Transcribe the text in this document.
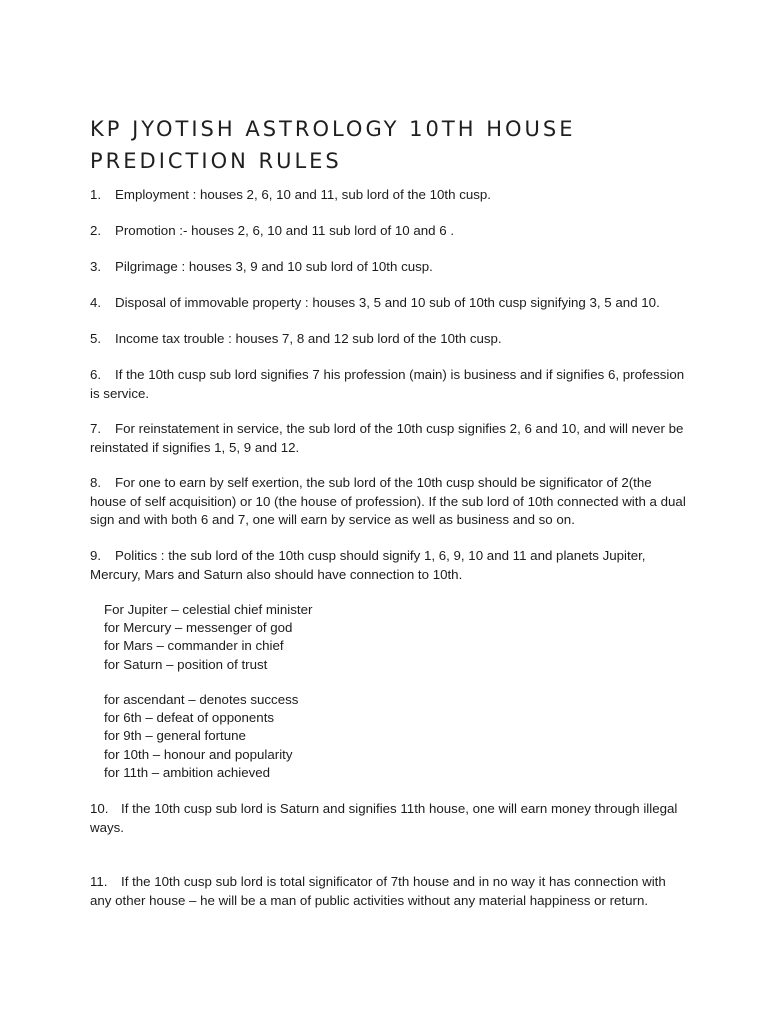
KP JYOTISH ASTROLOGY 10TH HOUSE PREDICTION RULES

1. Employment : houses 2, 6, 10 and 11, sub lord of the 10th cusp.

2. Promotion :- houses 2, 6, 10 and 11 sub lord of 10 and 6 .

3. Pilgrimage : houses 3, 9 and 10 sub lord of 10th cusp.

4. Disposal of immovable property : houses 3, 5 and 10 sub of 10th cusp signifying 3, 5 and 10.

5. Income tax trouble : houses 7, 8 and 12 sub lord of the 10th cusp.

6. If the 10th cusp sub lord signifies 7 his profession (main) is business and if signifies 6, profession is service.

7. For reinstatement in service, the sub lord of the 10th cusp signifies 2, 6 and 10, and will never be reinstated if signifies 1, 5, 9 and 12.

8. For one to earn by self exertion, the sub lord of the 10th cusp should be significator of 2(the house of self acquisition) or 10 (the house of profession). If the sub lord of 10th connected with a dual sign and with both 6 and 7, one will earn by service as well as business and so on.

9. Politics : the sub lord of the 10th cusp should signify 1, 6, 9, 10 and 11 and planets Jupiter, Mercury, Mars and Saturn also should have connection to 10th.

For Jupiter – celestial chief minister
for Mercury – messenger of god
for Mars – commander in chief
for Saturn – position of trust
for ascendant – denotes success
for 6th – defeat of opponents
for 9th – general fortune
for 10th – honour and popularity
for 11th – ambition achieved

10. If the 10th cusp sub lord is Saturn and signifies 11th house, one will earn money through illegal ways.

11. If the 10th cusp sub lord is total significator of 7th house and in no way it has connection with any other house – he will be a man of public activities without any material happiness or return.
